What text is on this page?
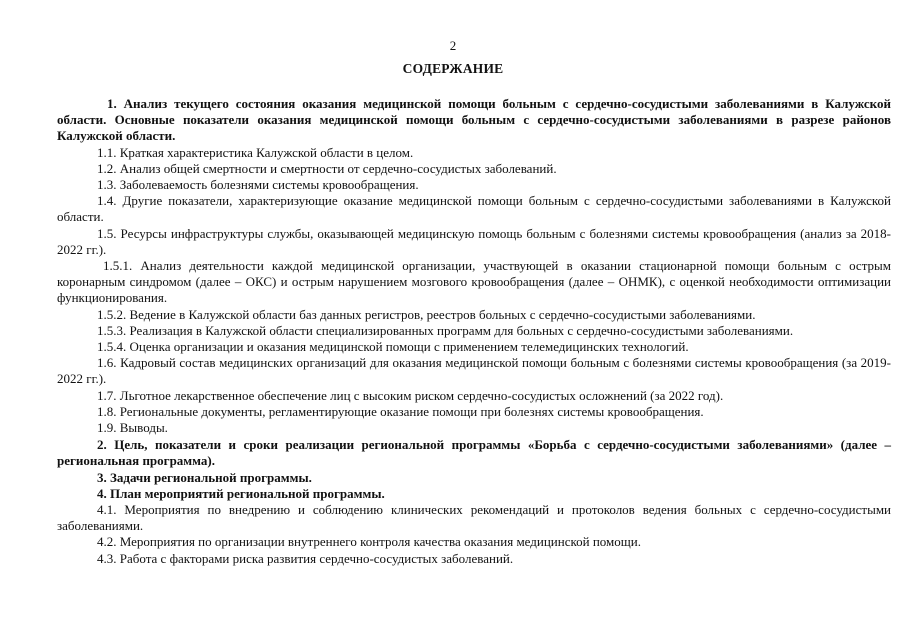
2
СОДЕРЖАНИЕ

1. Анализ текущего состояния оказания медицинской помощи больным с сердечно-сосудистыми заболеваниями в Калужской области. Основные показатели оказания медицинской помощи больным с сердечно-сосудистыми заболеваниями в разрезе районов Калужской области.

1.1. Краткая характеристика Калужской области в целом.

1.2. Анализ общей смертности и смертности от сердечно-сосудистых заболеваний.

1.3. Заболеваемость болезнями системы кровообращения.

1.4. Другие показатели, характеризующие оказание медицинской помощи больным с сердечно-сосудистыми заболеваниями в Калужской области.

1.5. Ресурсы инфраструктуры службы, оказывающей медицинскую помощь больным с болезнями системы кровообращения (анализ за 2018-2022 гг.).

1.5.1. Анализ деятельности каждой медицинской организации, участвующей в оказании стационарной помощи больным с острым коронарным синдромом (далее – ОКС) и острым нарушением мозгового кровообращения (далее – ОНМК), с оценкой необходимости оптимизации функционирования.

1.5.2. Ведение в Калужской области баз данных регистров, реестров больных с сердечно-сосудистыми заболеваниями.

1.5.3. Реализация в Калужской области специализированных программ для больных с сердечно-сосудистыми заболеваниями.

1.5.4. Оценка организации и оказания медицинской помощи с применением телемедицинских технологий.

1.6. Кадровый состав медицинских организаций для оказания медицинской помощи больным с болезнями системы кровообращения (за 2019-2022 гг.).

1.7. Льготное лекарственное обеспечение лиц с высоким риском сердечно-сосудистых осложнений (за 2022 год).

1.8. Региональные документы, регламентирующие оказание помощи при болезнях системы кровообращения.

1.9. Выводы.

2. Цель, показатели и сроки реализации региональной программы «Борьба с сердечно-сосудистыми заболеваниями» (далее – региональная программа).

3. Задачи региональной программы.

4. План мероприятий региональной программы.

4.1. Мероприятия по внедрению и соблюдению клинических рекомендаций и протоколов ведения больных с сердечно-сосудистыми заболеваниями.

4.2. Мероприятия по организации внутреннего контроля качества оказания медицинской помощи.

4.3. Работа с факторами риска развития сердечно-сосудистых заболеваний.
